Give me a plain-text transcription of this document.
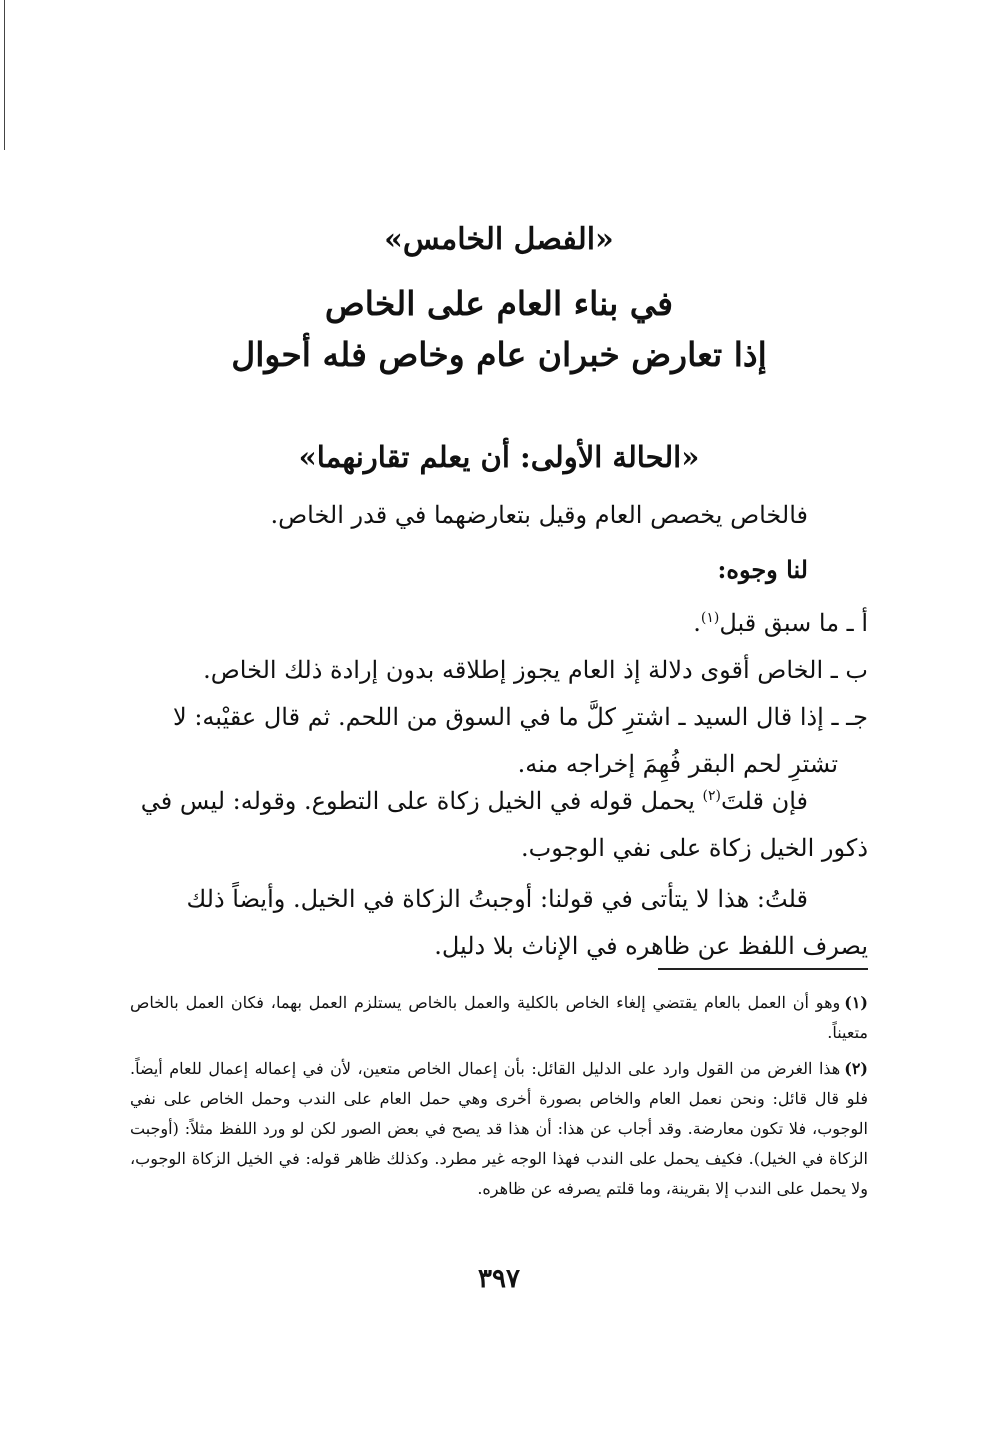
«الفصل الخامس»
في بناء العام على الخاص
إذا تعارض خبران عام وخاص فله أحوال
«الحالة الأولى: أن يعلم تقارنهما»
فالخاص يخصص العام وقيل بتعارضهما في قدر الخاص.
لنا وجوه:
أ ـ ما سبق قبل$^{(١)}$.
ب ـ الخاص أقوى دلالة إذ العام يجوز إطلاقه بدون إرادة ذلك الخاص.
جـ ـ إذا قال السيد ـ اشترِ كلَّ ما في السوق من اللحم. ثم قال عقيْبه: لا
تشترِ لحم البقر فُهِمَ إخراجه منه.
فإن قلتَ$^{(٢)}$ يحمل قوله في الخيل زكاة على التطوع. وقوله: ليس في
ذكور الخيل زكاة على نفي الوجوب.
قلتُ: هذا لا يتأتى في قولنا: أوجبتُ الزكاة في الخيل. وأيضاً ذلك
يصرف اللفظ عن ظاهره في الإناث بلا دليل.
(١)وهو أن العمل بالعام يقتضي إلغاء الخاص بالكلية والعمل بالخاص يستلزم العمل بهما، فكان العمل بالخاص متعيناً.
(٢)هذا الغرض من القول وارد على الدليل القائل: بأن إعمال الخاص متعين، لأن في إعماله إعمال للعام أيضاً. فلو قال قائل: ونحن نعمل العام والخاص بصورة أخرى وهي حمل العام على الندب وحمل الخاص على نفي الوجوب، فلا تكون معارضة. وقد أجاب عن هذا: أن هذا قد يصح في بعض الصور لكن لو ورد اللفظ مثلاً: (أوجبت الزكاة في الخيل). فكيف يحمل على الندب فهذا الوجه غير مطرد. وكذلك ظاهر قوله: في الخيل الزكاة الوجوب، ولا يحمل على الندب إلا بقرينة، وما قلتم يصرفه عن ظاهره.
٣٩٧
